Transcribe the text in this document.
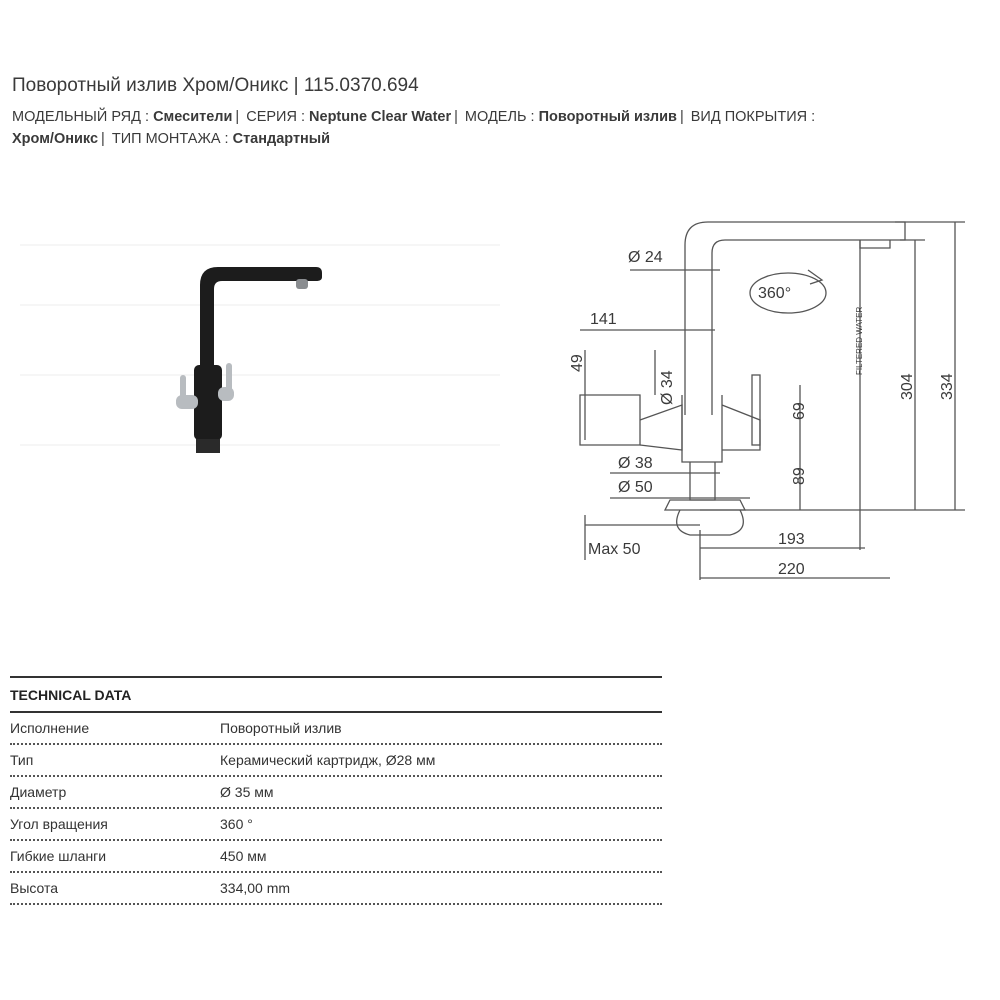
Поворотный излив Хром/Оникс | 115.0370.694
МОДЕЛЬНЫЙ РЯД : Смесители | СЕРИЯ : Neptune Clear Water | МОДЕЛЬ : Поворотный излив | ВИД ПОКРЫТИЯ :
Хром/Оникс | ТИП МОНТАЖА : Стандартный
Ø 24
360°
141
49
Ø 34
FILTERED WATER
304 334
69
89
Ø 38
Ø 50
Max 50
193
220
TECHNICAL DATA
Исполнение	Поворотный излив
Тип	Керамический картридж, Ø28 мм
Диаметр	Ø 35 мм
Угол вращения	360 °
Гибкие шланги	450 мм
Высота	334,00 mm
